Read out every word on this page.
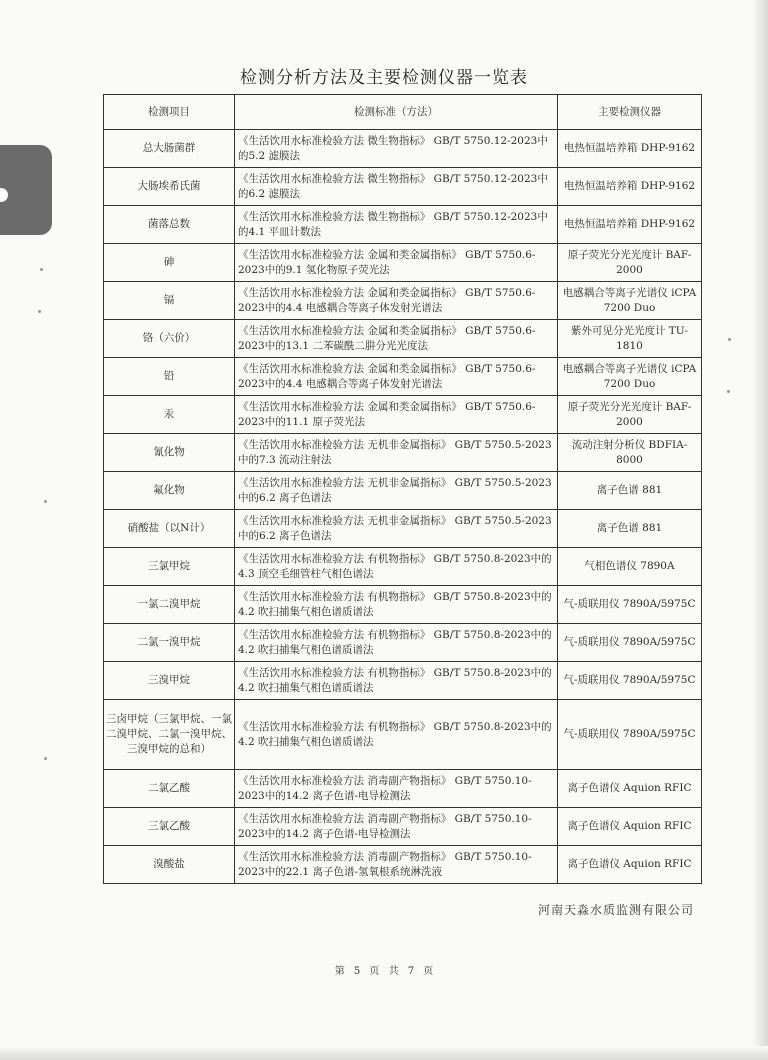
检测分析方法及主要检测仪器一览表
检测项目	检测标准（方法）	主要检测仪器
总大肠菌群	《生活饮用水标准检验方法 微生物指标》 GB/T 5750.12-2023中的5.2 滤膜法	电热恒温培养箱 DHP-9162
大肠埃希氏菌	《生活饮用水标准检验方法 微生物指标》 GB/T 5750.12-2023中的6.2 滤膜法	电热恒温培养箱 DHP-9162
菌落总数	《生活饮用水标准检验方法 微生物指标》 GB/T 5750.12-2023中的4.1 平皿计数法	电热恒温培养箱 DHP-9162
砷	《生活饮用水标准检验方法 金属和类金属指标》 GB/T 5750.6-2023中的9.1 氢化物原子荧光法	原子荧光分光光度计 BAF-2000
镉	《生活饮用水标准检验方法 金属和类金属指标》 GB/T 5750.6-2023中的4.4 电感耦合等离子体发射光谱法	电感耦合等离子光谱仪 iCPA 7200 Duo
铬（六价）	《生活饮用水标准检验方法 金属和类金属指标》 GB/T 5750.6-2023中的13.1 二苯碳酰二肼分光光度法	紫外可见分光光度计 TU-1810
铅	《生活饮用水标准检验方法 金属和类金属指标》 GB/T 5750.6-2023中的4.4 电感耦合等离子体发射光谱法	电感耦合等离子光谱仪 iCPA 7200 Duo
汞	《生活饮用水标准检验方法 金属和类金属指标》 GB/T 5750.6-2023中的11.1 原子荧光法	原子荧光分光光度计 BAF-2000
氰化物	《生活饮用水标准检验方法 无机非金属指标》 GB/T 5750.5-2023中的7.3 流动注射法	流动注射分析仪 BDFIA-8000
氟化物	《生活饮用水标准检验方法 无机非金属指标》 GB/T 5750.5-2023中的6.2 离子色谱法	离子色谱 881
硝酸盐（以N计）	《生活饮用水标准检验方法 无机非金属指标》 GB/T 5750.5-2023中的6.2 离子色谱法	离子色谱 881
三氯甲烷	《生活饮用水标准检验方法 有机物指标》 GB/T 5750.8-2023中的4.3 顶空毛细管柱气相色谱法	气相色谱仪 7890A
一氯二溴甲烷	《生活饮用水标准检验方法 有机物指标》 GB/T 5750.8-2023中的4.2 吹扫捕集气相色谱质谱法	气-质联用仪 7890A/5975C
二氯一溴甲烷	《生活饮用水标准检验方法 有机物指标》 GB/T 5750.8-2023中的4.2 吹扫捕集气相色谱质谱法	气-质联用仪 7890A/5975C
三溴甲烷	《生活饮用水标准检验方法 有机物指标》 GB/T 5750.8-2023中的4.2 吹扫捕集气相色谱质谱法	气-质联用仪 7890A/5975C
三卤甲烷（三氯甲烷、一氯二溴甲烷、二氯一溴甲烷、三溴甲烷的总和）	《生活饮用水标准检验方法 有机物指标》 GB/T 5750.8-2023中的4.2 吹扫捕集气相色谱质谱法	气-质联用仪 7890A/5975C
二氯乙酸	《生活饮用水标准检验方法 消毒副产物指标》 GB/T 5750.10-2023中的14.2 离子色谱-电导检测法	离子色谱仪 Aquion RFIC
三氯乙酸	《生活饮用水标准检验方法 消毒副产物指标》 GB/T 5750.10-2023中的14.2 离子色谱-电导检测法	离子色谱仪 Aquion RFIC
溴酸盐	《生活饮用水标准检验方法 消毒副产物指标》 GB/T 5750.10-2023中的22.1 离子色谱-氢氧根系统淋洗液	离子色谱仪 Aquion RFIC
河南天淼水质监测有限公司
第 5 页 共 7 页
